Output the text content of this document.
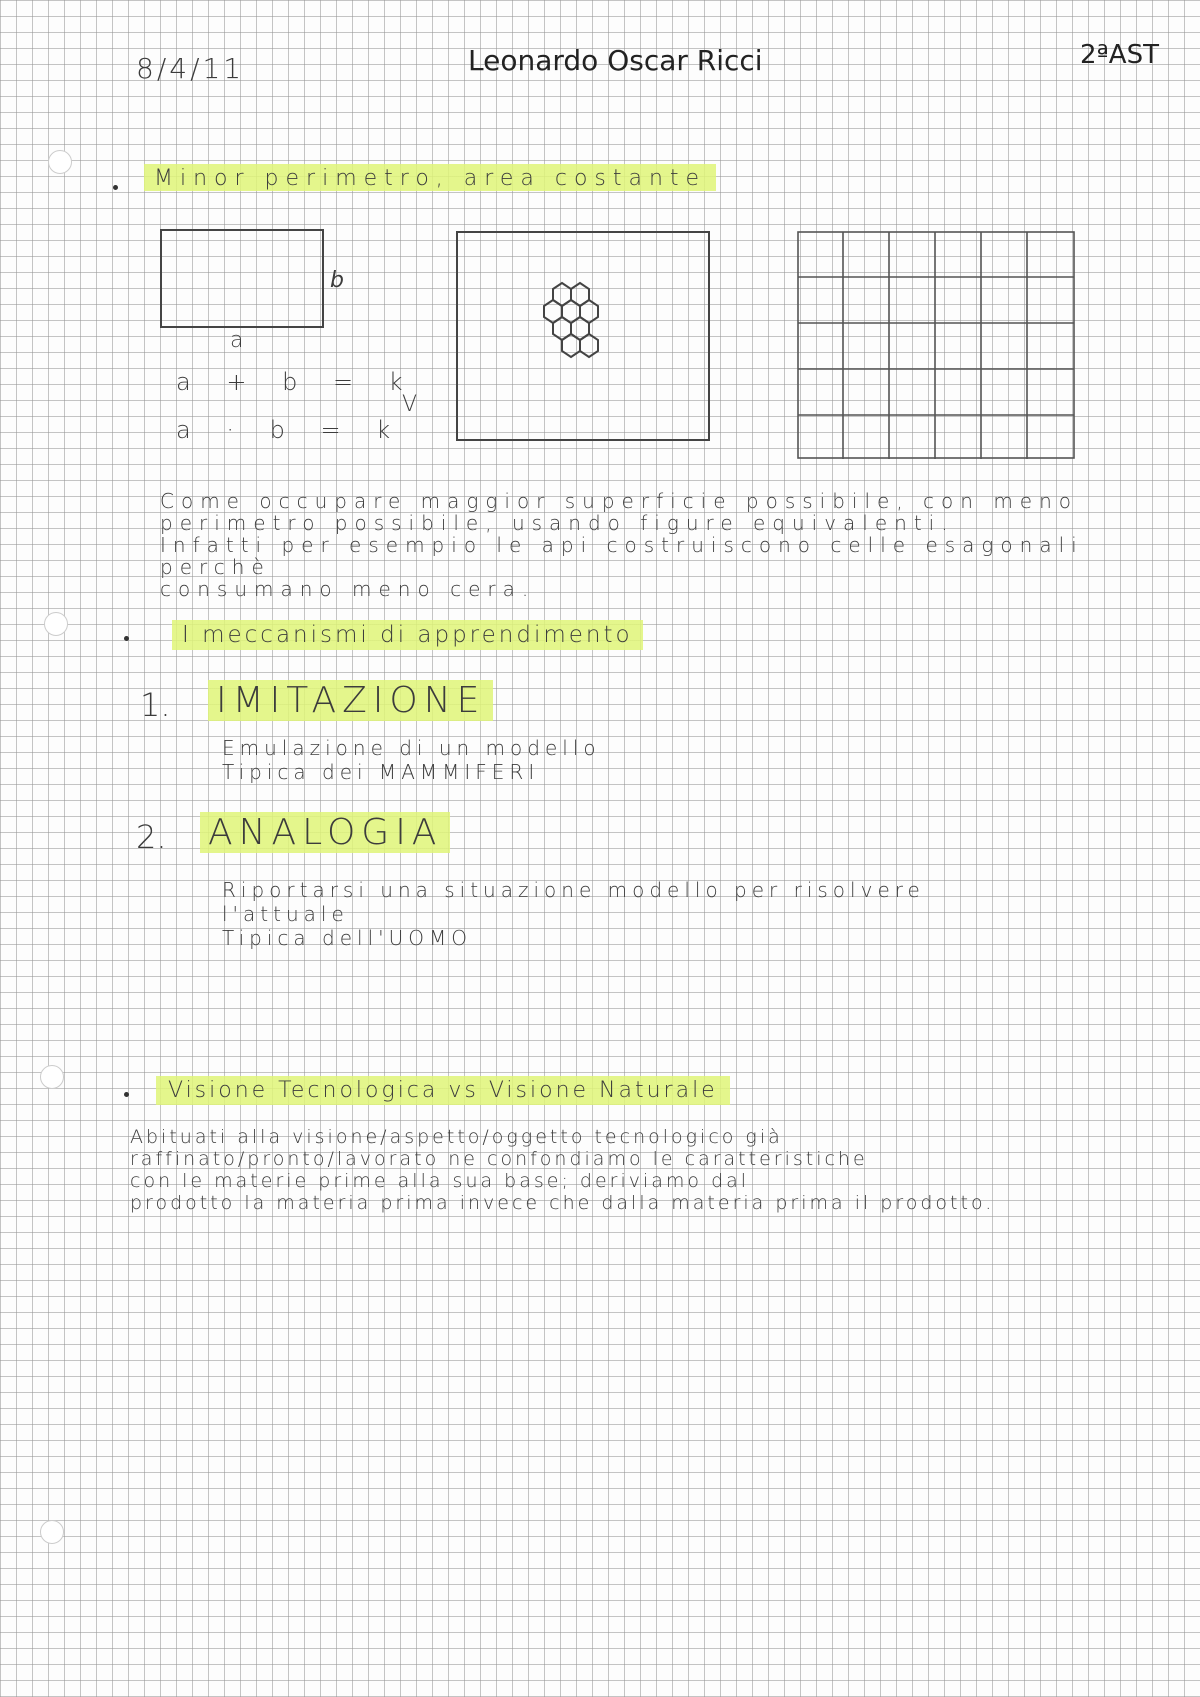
8/4/11	Leonardo Oscar Ricci	2ªAST
Minor perimetro, area costante
b
a
a + b = k
a · b = k
V
Come occupare maggior superficie possibile, con meno
perimetro possibile, usando figure equivalenti.
Infatti per esempio le api costruiscono celle esagonali perchè
consumano meno cera.
I meccanismi di apprendimento
1. IMITAZIONE
Emulazione di un modello
Tipica dei MAMMIFERI
2. ANALOGIA
Riportarsi una situazione modello per risolvere
l'attuale
Tipica dell'UOMO
Visione Tecnologica vs Visione Naturale
Abituati alla visione/aspetto/oggetto tecnologico già
raffinato/pronto/lavorato ne confondiamo le caratteristiche
con le materie prime alla sua base; deriviamo dal
prodotto la materia prima invece che dalla materia prima il prodotto.
